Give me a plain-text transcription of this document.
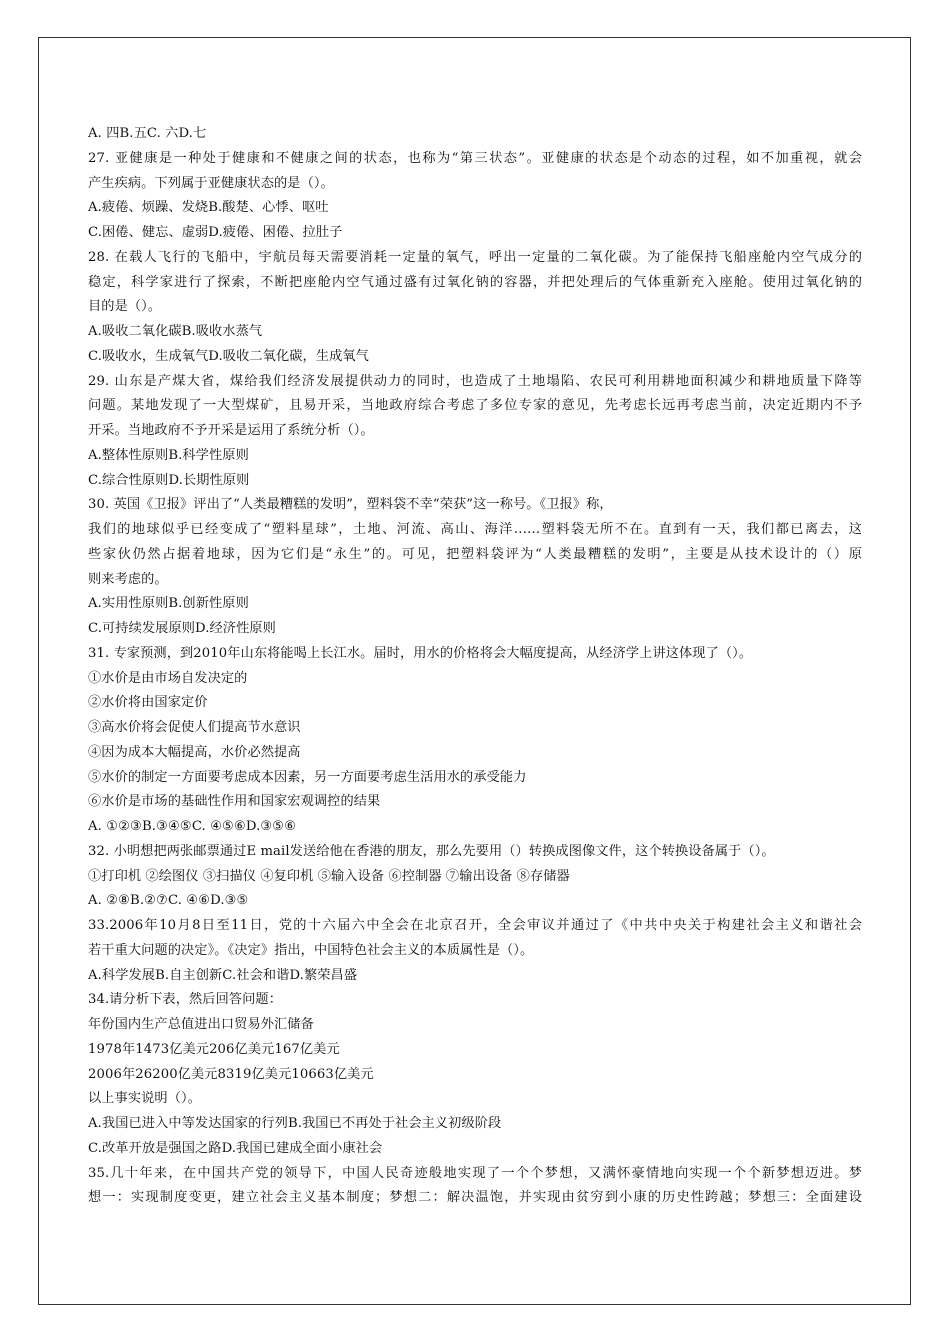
A. 四B.五C. 六D.七
27. 亚健康是一种处于健康和不健康之间的状态，也称为“第三状态”。亚健康的状态是个动态的过程，如不加重视，就会
产生疾病。下列属于亚健康状态的是（）。
A.疲倦、烦躁、发烧B.酸楚、心悸、呕吐
C.困倦、健忘、虚弱D.疲倦、困倦、拉肚子
28. 在载人飞行的飞船中，宇航员每天需要消耗一定量的氧气，呼出一定量的二氧化碳。为了能保持飞船座舱内空气成分的
稳定，科学家进行了探索，不断把座舱内空气通过盛有过氧化钠的容器，并把处理后的气体重新充入座舱。使用过氧化钠的
目的是（）。
A.吸收二氧化碳B.吸收水蒸气
C.吸收水，生成氧气D.吸收二氧化碳，生成氧气
29. 山东是产煤大省，煤给我们经济发展提供动力的同时，也造成了土地塌陷、农民可利用耕地面积减少和耕地质量下降等
问题。某地发现了一大型煤矿，且易开采，当地政府综合考虑了多位专家的意见，先考虑长远再考虑当前，决定近期内不予
开采。当地政府不予开采是运用了系统分析（）。
A.整体性原则B.科学性原则
C.综合性原则D.长期性原则
30. 英国《卫报》评出了“人类最糟糕的发明”，塑料袋不幸“荣获”这一称号。《卫报》称，
我们的地球似乎已经变成了“塑料星球”，土地、河流、高山、海洋……塑料袋无所不在。直到有一天，我们都已离去，这
些家伙仍然占据着地球，因为它们是“永生”的。可见，把塑料袋评为“人类最糟糕的发明”，主要是从技术设计的（）原
则来考虑的。
A.实用性原则B.创新性原则
C.可持续发展原则D.经济性原则
31. 专家预测，到2010年山东将能喝上长江水。届时，用水的价格将会大幅度提高，从经济学上讲这体现了（）。
①水价是由市场自发决定的
②水价将由国家定价
③高水价将会促使人们提高节水意识
④因为成本大幅提高，水价必然提高
⑤水价的制定一方面要考虑成本因素，另一方面要考虑生活用水的承受能力
⑥水价是市场的基础性作用和国家宏观调控的结果
A. ①②③B.③④⑤C. ④⑤⑥D.③⑤⑥
32. 小明想把两张邮票通过E mail发送给他在香港的朋友，那么先要用（）转换成图像文件，这个转换设备属于（）。
①打印机 ②绘图仪 ③扫描仪 ④复印机 ⑤输入设备 ⑥控制器 ⑦输出设备 ⑧存储器
A. ②⑧B.②⑦C. ④⑥D.③⑤
33.2006年10月8日至11日，党的十六届六中全会在北京召开，全会审议并通过了《中共中央关于构建社会主义和谐社会
若干重大问题的决定》。《决定》指出，中国特色社会主义的本质属性是（）。
A.科学发展B.自主创新C.社会和谐D.繁荣昌盛
34.请分析下表，然后回答问题：
年份国内生产总值进出口贸易外汇储备
1978年1473亿美元206亿美元167亿美元
2006年26200亿美元8319亿美元10663亿美元
以上事实说明（）。
A.我国已进入中等发达国家的行列B.我国已不再处于社会主义初级阶段
C.改革开放是强国之路D.我国已建成全面小康社会
35.几十年来，在中国共产党的领导下，中国人民奇迹般地实现了一个个梦想，又满怀豪情地向实现一个个新梦想迈进。梦
想一：实现制度变更，建立社会主义基本制度；梦想二：解决温饱，并实现由贫穷到小康的历史性跨越；梦想三：全面建设
